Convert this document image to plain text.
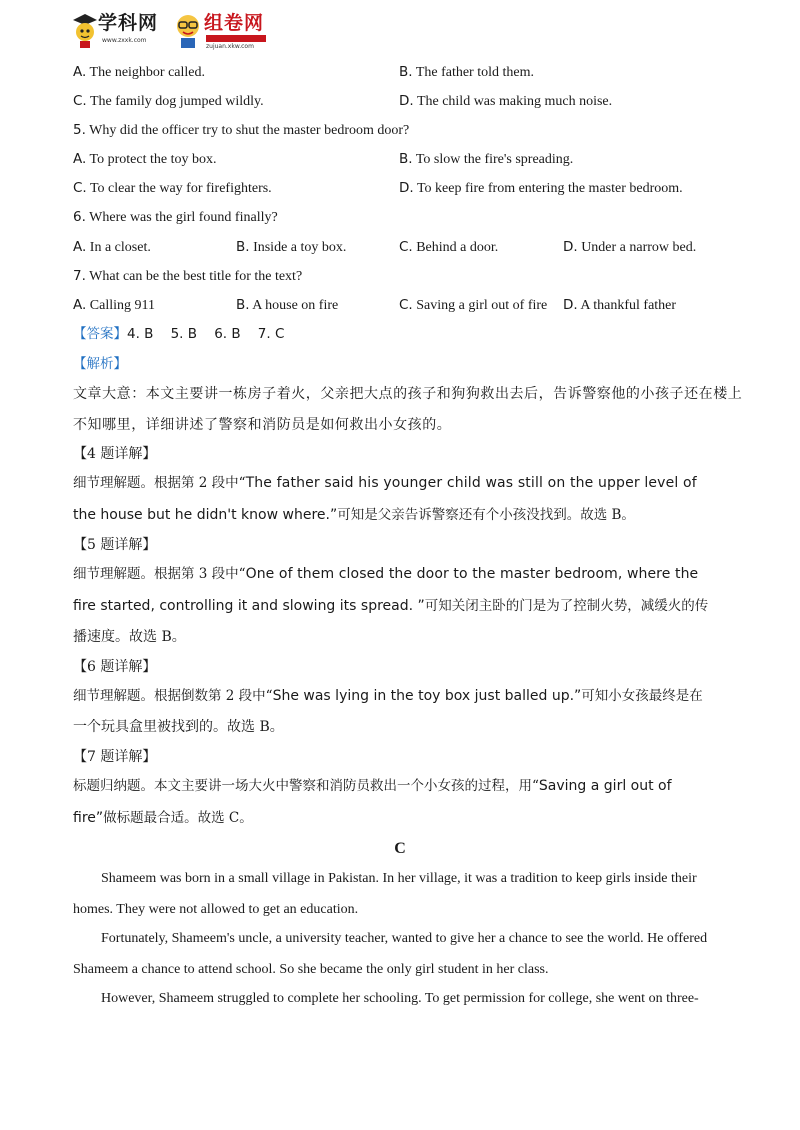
学科网
www.zxxk.com
组卷网
zujuan.xkw.com
A. The neighbor called.	B. The father told them.
C. The family dog jumped wildly.	D. The child was making much noise.
5. Why did the officer try to shut the master bedroom door?
A. To protect the toy box.	B. To slow the fire's spreading.
C. To clear the way for firefighters.	D. To keep fire from entering the master bedroom.
6. Where was the girl found finally?
A. In a closet.	B. Inside a toy box.	C. Behind a door.	D. Under a narrow bed.
7. What can be the best title for the text?
A. Calling 911	B. A house on fire	C. Saving a girl out of fire D. A thankful father
【答案】4. B    5. B    6. B    7. C
【解析】
文章大意：本文主要讲一栋房子着火，父亲把大点的孩子和狗狗救出去后，告诉警察他的小孩子还在楼上
不知哪里，详细讲述了警察和消防员是如何救出小女孩的。
【4 题详解】
细节理解题。根据第 2 段中“The father said his younger child was still on the upper level of
the house but he didn't know where.”可知是父亲告诉警察还有个小孩没找到。故选 B。
【5 题详解】
细节理解题。根据第 3 段中“One of them closed the door to the master bedroom, where the
fire started, controlling it and slowing its spread. ”可知关闭主卧的门是为了控制火势，减缓火的传
播速度。故选 B。
【6 题详解】
细节理解题。根据倒数第 2 段中“She was lying in the toy box just balled up.”可知小女孩最终是在
一个玩具盒里被找到的。故选 B。
【7 题详解】
标题归纳题。本文主要讲一场大火中警察和消防员救出一个小女孩的过程，用“Saving a girl out of
fire”做标题最合适。故选 C。
C
Shameem was born in a small village in Pakistan. In her village, it was a tradition to keep girls inside their
homes. They were not allowed to get an education.
Fortunately, Shameem's uncle, a university teacher, wanted to give her a chance to see the world. He offered
Shameem a chance to attend school. So she became the only girl student in her class.
However, Shameem struggled to complete her schooling. To get permission for college, she went on three-
